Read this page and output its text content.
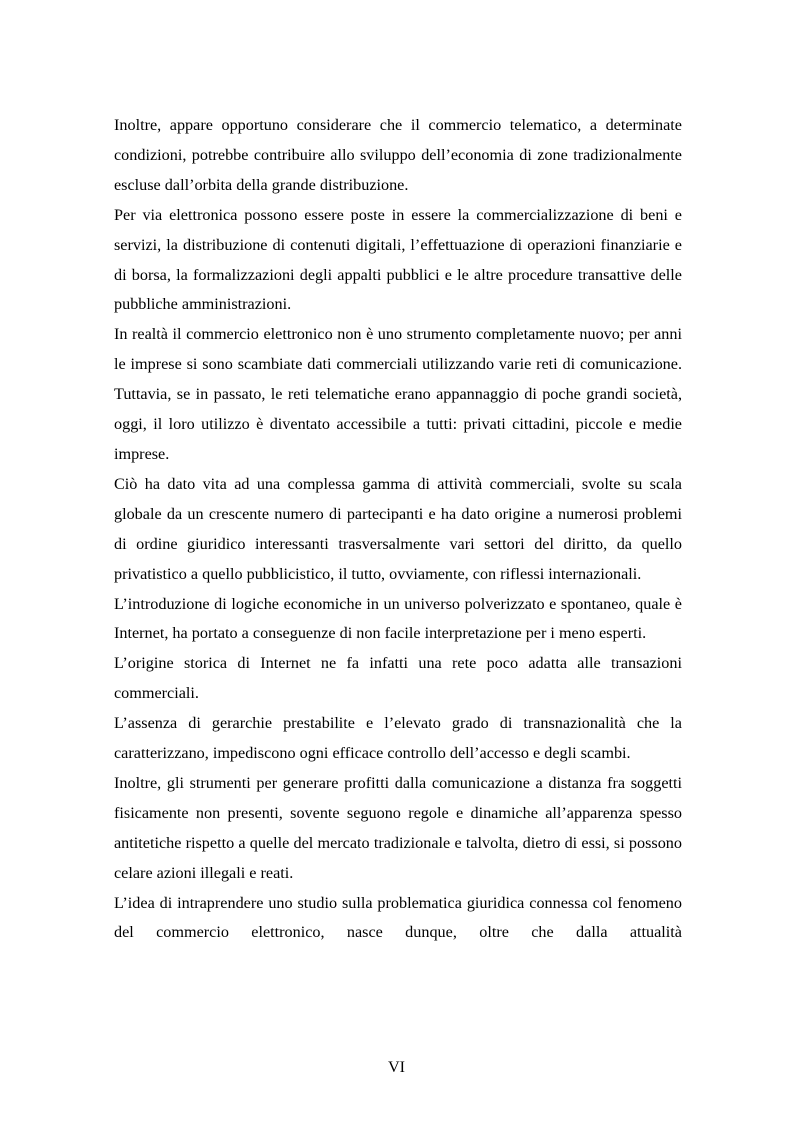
Inoltre, appare opportuno considerare che il commercio telematico, a determinate condizioni, potrebbe contribuire allo sviluppo dell’economia di zone tradizionalmente escluse dall’orbita della grande distribuzione.

Per via elettronica possono essere poste in essere la commercializzazione di beni e servizi, la distribuzione di contenuti digitali, l’effettuazione di operazioni finanziarie e di borsa, la formalizzazioni degli appalti pubblici e le altre procedure transattive delle pubbliche amministrazioni.

In realtà il commercio elettronico non è uno strumento completamente nuovo; per anni le imprese si sono scambiate dati commerciali utilizzando varie reti di comunicazione. Tuttavia, se in passato, le reti telematiche erano appannaggio di poche grandi società, oggi, il loro utilizzo è diventato accessibile a tutti: privati cittadini, piccole e medie imprese.

Ciò ha dato vita ad una complessa gamma di attività commerciali, svolte su scala globale da un crescente numero di partecipanti e ha dato origine a numerosi problemi di ordine giuridico interessanti trasversalmente vari settori del diritto, da quello privatistico a quello pubblicistico, il tutto, ovviamente, con riflessi internazionali.

L’introduzione di logiche economiche in un universo polverizzato e spontaneo, quale è Internet, ha portato a conseguenze di non facile interpretazione per i meno esperti.

L’origine storica di Internet ne fa infatti una rete poco adatta alle transazioni commerciali.

L’assenza di gerarchie prestabilite e l’elevato grado di transnazionalità che la caratterizzano, impediscono ogni efficace controllo dell’accesso e degli scambi.

Inoltre, gli strumenti per generare profitti dalla comunicazione a distanza fra soggetti fisicamente non presenti, sovente seguono regole e dinamiche all’apparenza spesso antitetiche rispetto a quelle del mercato tradizionale e talvolta, dietro di essi, si possono celare azioni illegali e reati.

L’idea di intraprendere uno studio sulla problematica giuridica connessa col fenomeno del commercio elettronico, nasce dunque, oltre che dalla attualità

VI
